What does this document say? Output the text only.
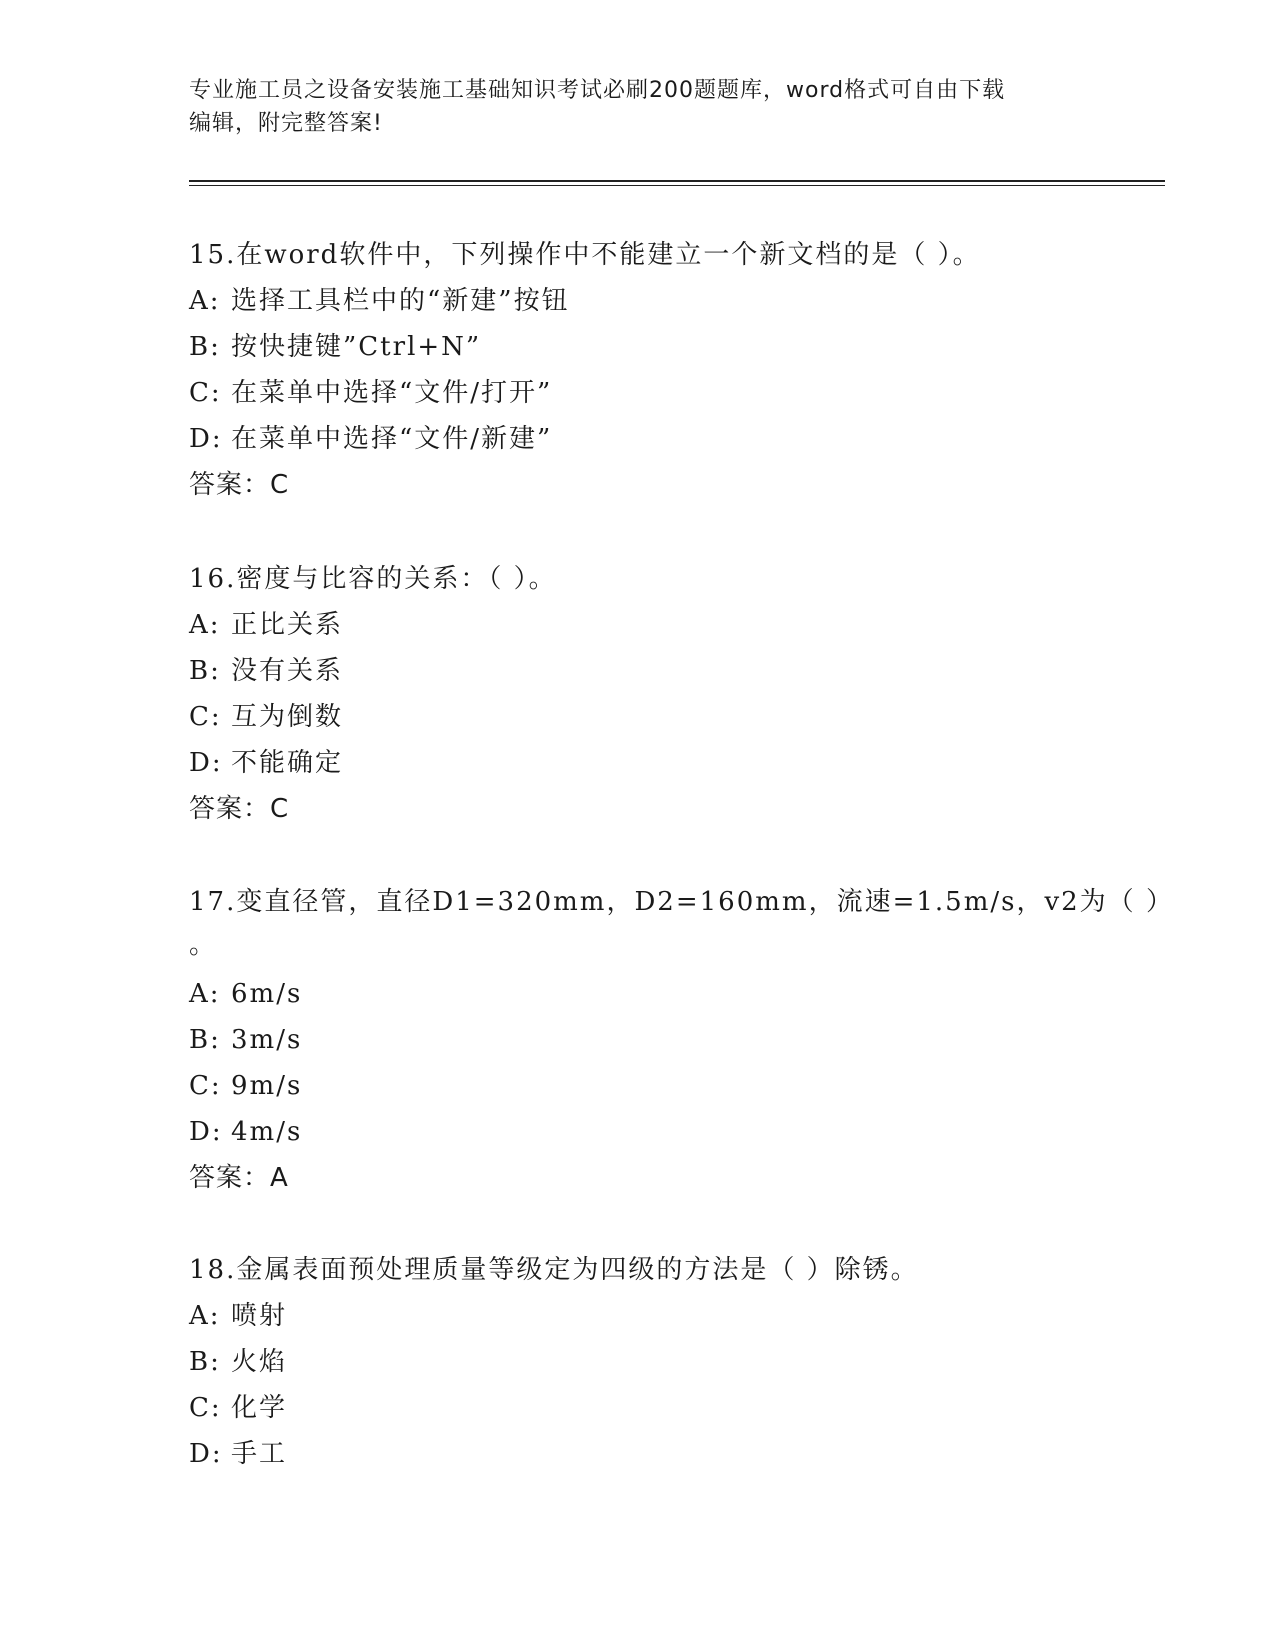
专业施工员之设备安装施工基础知识考试必刷200题题库，word格式可自由下载
编辑，附完整答案!
15.在word软件中，下列操作中不能建立一个新文档的是（ ）。
A: 选择工具栏中的“新建”按钮
B: 按快捷键”Ctrl+N”
C: 在菜单中选择“文件/打开”
D: 在菜单中选择“文件/新建”
答案：C
16.密度与比容的关系：（ ）。
A: 正比关系
B: 没有关系
C: 互为倒数
D: 不能确定
答案：C
17.变直径管，直径D1=320mm，D2=160mm，流速=1.5m/s，v2为（ ）
。
A: 6m/s
B: 3m/s
C: 9m/s
D: 4m/s
答案：A
18.金属表面预处理质量等级定为四级的方法是（ ）除锈。
A: 喷射
B: 火焰
C: 化学
D: 手工
